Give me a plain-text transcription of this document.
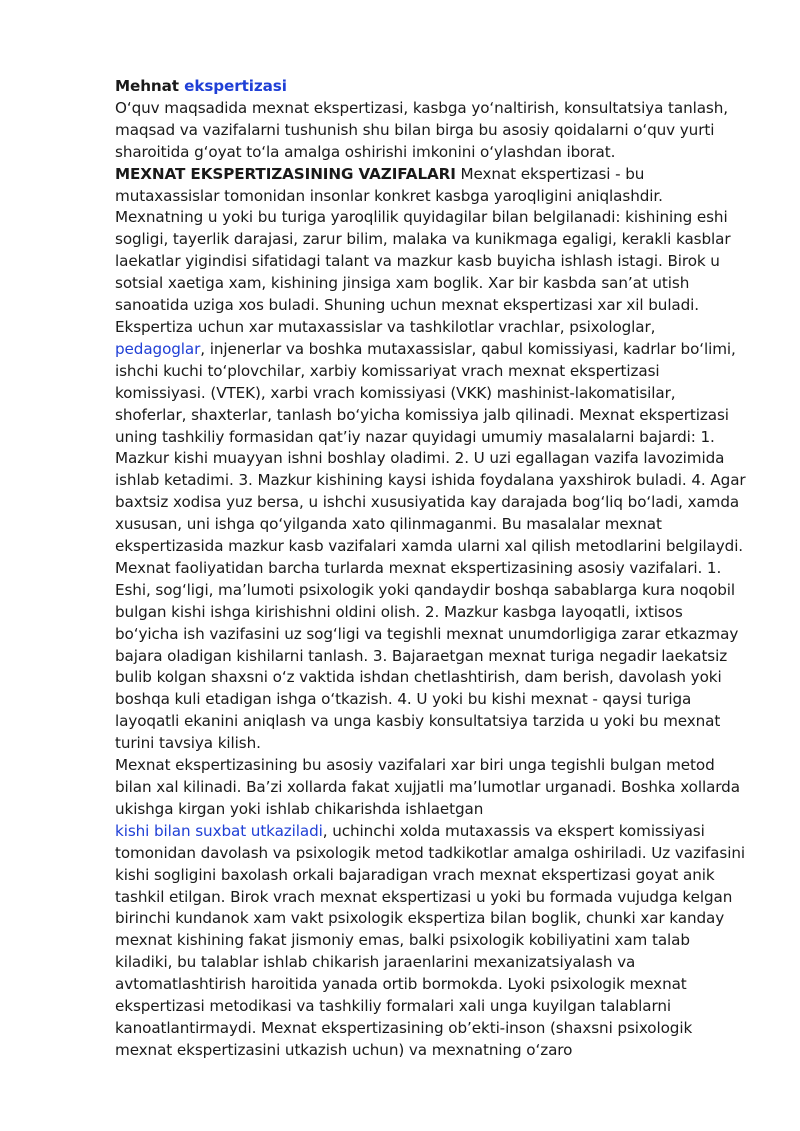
Mehnat ekspertizasi

O‘quv maqsadida mexnat ekspertizasi, kasbga yo‘naltirish, konsultatsiya tanlash, maqsad va vazifalarni tushunish shu bilan birga bu asosiy qoidalarni o‘quv yurti sharoitida g‘oyat to‘la amalga oshirishi imkonini o‘ylashdan iborat.

MEXNAT EKSPERTIZASINING VAZIFALARI Mexnat ekspertizasi - bu mutaxassislar tomonidan insonlar konkret kasbga yaroqligini aniqlashdir. Mexnatning u yoki bu turiga yaroqlilik quyidagilar bilan belgilanadi: kishining eshi sogligi, tayerlik darajasi, zarur bilim, malaka va kunikmaga egaligi, kerakli kasblar laekatlar yigindisi sifatidagi talant va mazkur kasb buyicha ishlash istagi. Birok u sotsial xaetiga xam, kishining jinsiga xam boglik. Xar bir kasbda san’at utish sanoatida uziga xos buladi. Shuning uchun mexnat ekspertizasi xar xil buladi. Ekspertiza uchun xar mutaxassislar va tashkilotlar vrachlar, psixologlar, pedagoglar, injenerlar va boshka mutaxassislar, qabul komissiyasi, kadrlar bo‘limi, ishchi kuchi to‘plovchilar, xarbiy komissariyat vrach mexnat ekspertizasi komissiyasi. (VTEK), xarbi vrach komissiyasi (VKK) mashinist-lakomatisilar, shoferlar, shaxterlar, tanlash bo‘yicha komissiya jalb qilinadi. Mexnat ekspertizasi uning tashkiliy formasidan qat’iy nazar quyidagi umumiy masalalarni bajardi: 1. Mazkur kishi muayyan ishni boshlay oladimi. 2. U uzi egallagan vazifa lavozimida ishlab ketadimi. 3. Mazkur kishining kaysi ishida foydalana yaxshirok buladi. 4. Agar baxtsiz xodisa yuz bersa, u ishchi xususiyatida kay darajada bog‘liq bo‘ladi, xamda xususan, uni ishga qo‘yilganda xato qilinmaganmi. Bu masalalar mexnat ekspertizasida mazkur kasb vazifalari xamda ularni xal qilish metodlarini belgilaydi. Mexnat faoliyatidan barcha turlarda mexnat ekspertizasining asosiy vazifalari. 1. Eshi, sog‘ligi, ma’lumoti psixologik yoki qandaydir boshqa sabablarga kura noqobil bulgan kishi ishga kirishishni oldini olish. 2. Mazkur kasbga layoqatli, ixtisos bo‘yicha ish vazifasini uz sog‘ligi va tegishli mexnat unumdorligiga zarar etkazmay bajara oladigan kishilarni tanlash. 3. Bajaraetgan mexnat turiga negadir laekatsiz bulib kolgan shaxsni o‘z vaktida ishdan chetlashtirish, dam berish, davolash yoki boshqa kuli etadigan ishga o‘tkazish. 4. U yoki bu kishi mexnat - qaysi turiga layoqatli ekanini aniqlash va unga kasbiy konsultatsiya tarzida u yoki bu mexnat turini tavsiya kilish.

Mexnat ekspertizasining bu asosiy vazifalari xar biri unga tegishli bulgan metod bilan xal kilinadi. Ba’zi xollarda fakat xujjatli ma’lumotlar urganadi. Boshka xollarda ukishga kirgan yoki ishlab chikarishda ishlaetgan
kishi bilan suxbat utkaziladi, uchinchi xolda mutaxassis va ekspert komissiyasi tomonidan davolash va psixologik metod tadkikotlar amalga oshiriladi. Uz vazifasini kishi sogligini baxolash orkali bajaradigan vrach mexnat ekspertizasi goyat anik tashkil etilgan. Birok vrach mexnat ekspertizasi u yoki bu formada vujudga kelgan birinchi kundanok xam vakt psixologik ekspertiza bilan boglik, chunki xar kanday mexnat kishining fakat jismoniy emas, balki psixologik kobiliyatini xam talab kiladiki, bu talablar ishlab chikarish jaraenlarini mexanizatsiyalash va avtomatlashtirish haroitida yanada ortib bormokda. Lyoki psixologik mexnat ekspertizasi metodikasi va tashkiliy formalari xali unga kuyilgan talablarni kanoatlantirmaydi. Mexnat ekspertizasining ob’ekti-inson (shaxsni psixologik mexnat ekspertizasini utkazish uchun) va mexnatning o‘zaro
